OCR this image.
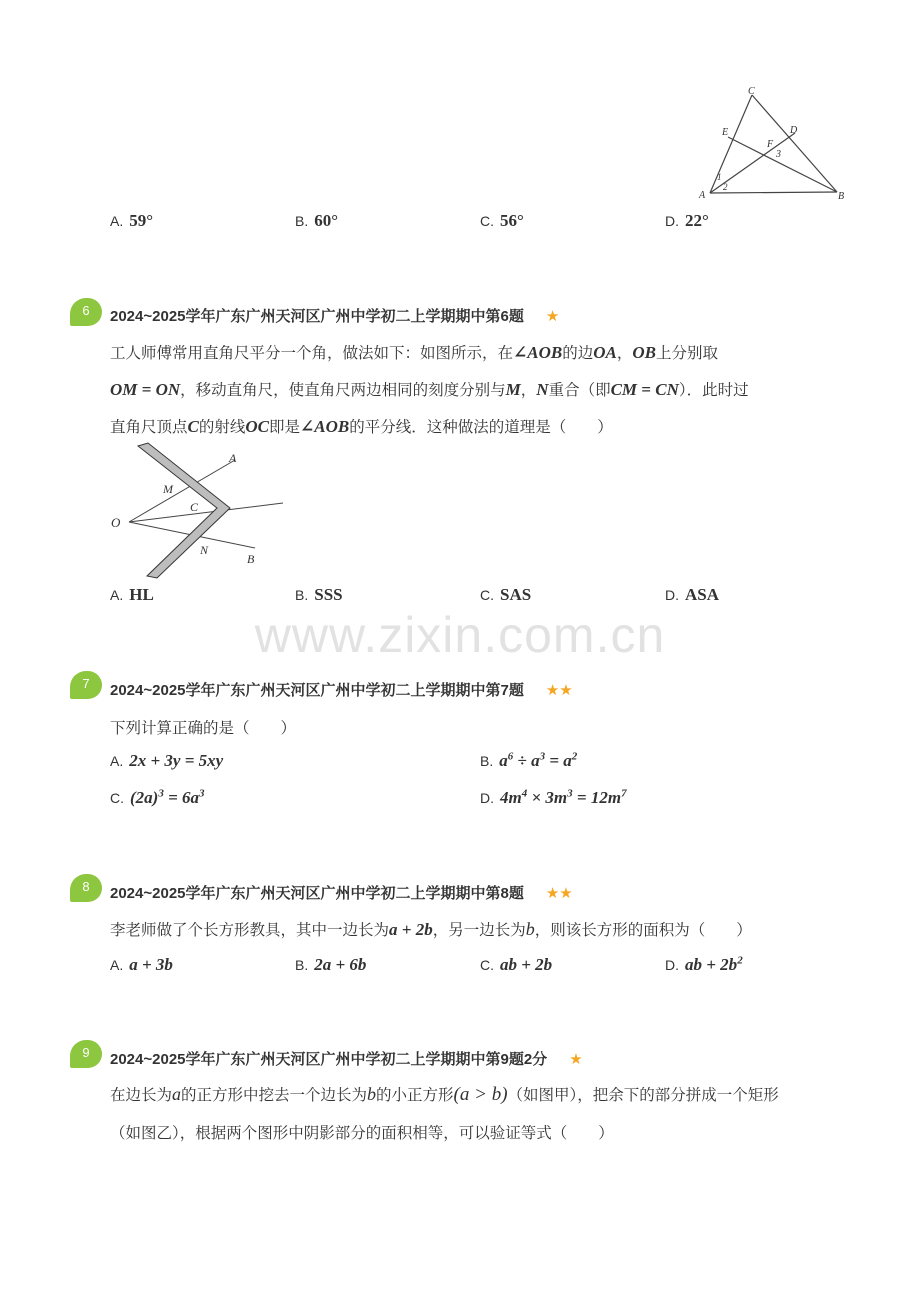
C
E	D
F
3
1
2
A	B
A. 59°	B. 60°	C. 56°	D. 22°
6	2024~2025学年广东广州天河区广州中学初二上学期期中第6题 ★
工人师傅常用直角尺平分一个角，做法如下：如图所示，在∠AOB的边OA，OB上分别取
OM = ON，移动直角尺，使直角尺两边相同的刻度分别与M，N重合（即CM = CN）．此时过
直角尺顶点C的射线OC即是∠AOB的平分线．这种做法的道理是（　　）
O
A
M
C
N
B
A. HL	B. SSS	C. SAS	D. ASA
www.zixin.com.cn
7	2024~2025学年广东广州天河区广州中学初二上学期期中第7题 ★★
下列计算正确的是（　　）
A. 2x + 3y = 5xy	B. $a^6 \div a^3 = a^2$
C. $(2a)^3 = 6a^3$	D. $4m^4 \times 3m^3 = 12m^7$
8	2024~2025学年广东广州天河区广州中学初二上学期期中第8题 ★★
李老师做了个长方形教具，其中一边长为a + 2b，另一边长为b，则该长方形的面积为（　　）
A. a + 3b	B. 2a + 6b	C. ab + 2b	D. ab + $2b^2$
9	2024~2025学年广东广州天河区广州中学初二上学期期中第9题2分 ★
在边长为a的正方形中挖去一个边长为b的小正方形(a > b)（如图甲），把余下的部分拼成一个矩形
（如图乙），根据两个图形中阴影部分的面积相等，可以验证等式（　　）
